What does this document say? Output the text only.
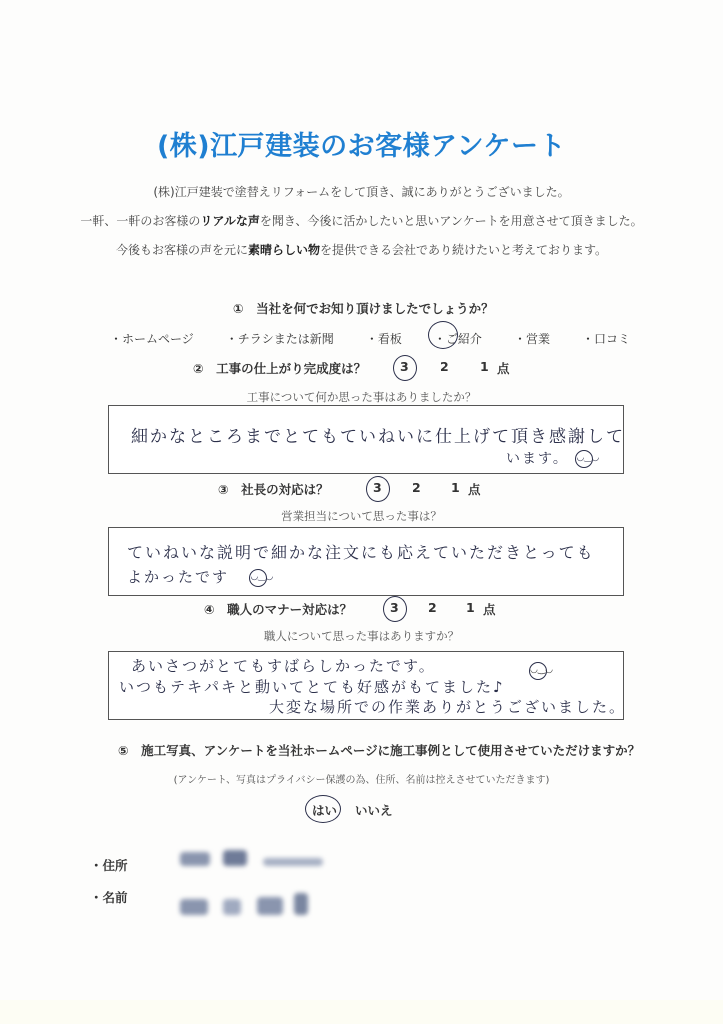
(株)江戸建装のお客様アンケート
(株)江戸建装で塗替えリフォームをして頂き、誠にありがとうございました。
一軒、一軒のお客様のリアルな声を聞き、今後に活かしたいと思いアンケートを用意させて頂きました。
今後もお客様の声を元に素晴らしい物を提供できる会社であり続けたいと考えております。
①　当社を何でお知り頂けましたでしょうか？
・ホームページ	・チラシまたは新聞	・看板	・ご紹介	・営業	・口コミ
②　工事の仕上がり完成度は？	3	2	1 点
工事について何か思った事はありましたか？
細かなところまでとてもていねいに仕上げて頂き感謝して
います。 ◡‿◡
③　社長の対応は？	3 2 1 点
営業担当について思った事は？
ていねいな説明で細かな注文にも応えていただきとっても
よかったです ◡‿◡
④　職人のマナー対応は？	3 2 1 点
職人について思った事はありますか？
あいさつがとてもすばらしかったです。	◡‿◡
いつもテキパキと動いてとても好感がもてました♪
大変な場所での作業ありがとうございました。
⑤　施工写真、アンケートを当社ホームページに施工事例として使用させていただけますか？
(アンケート、写真はプライバシー保護の為、住所、名前は控えさせていただきます)
はい いいえ
・住所

・名前
